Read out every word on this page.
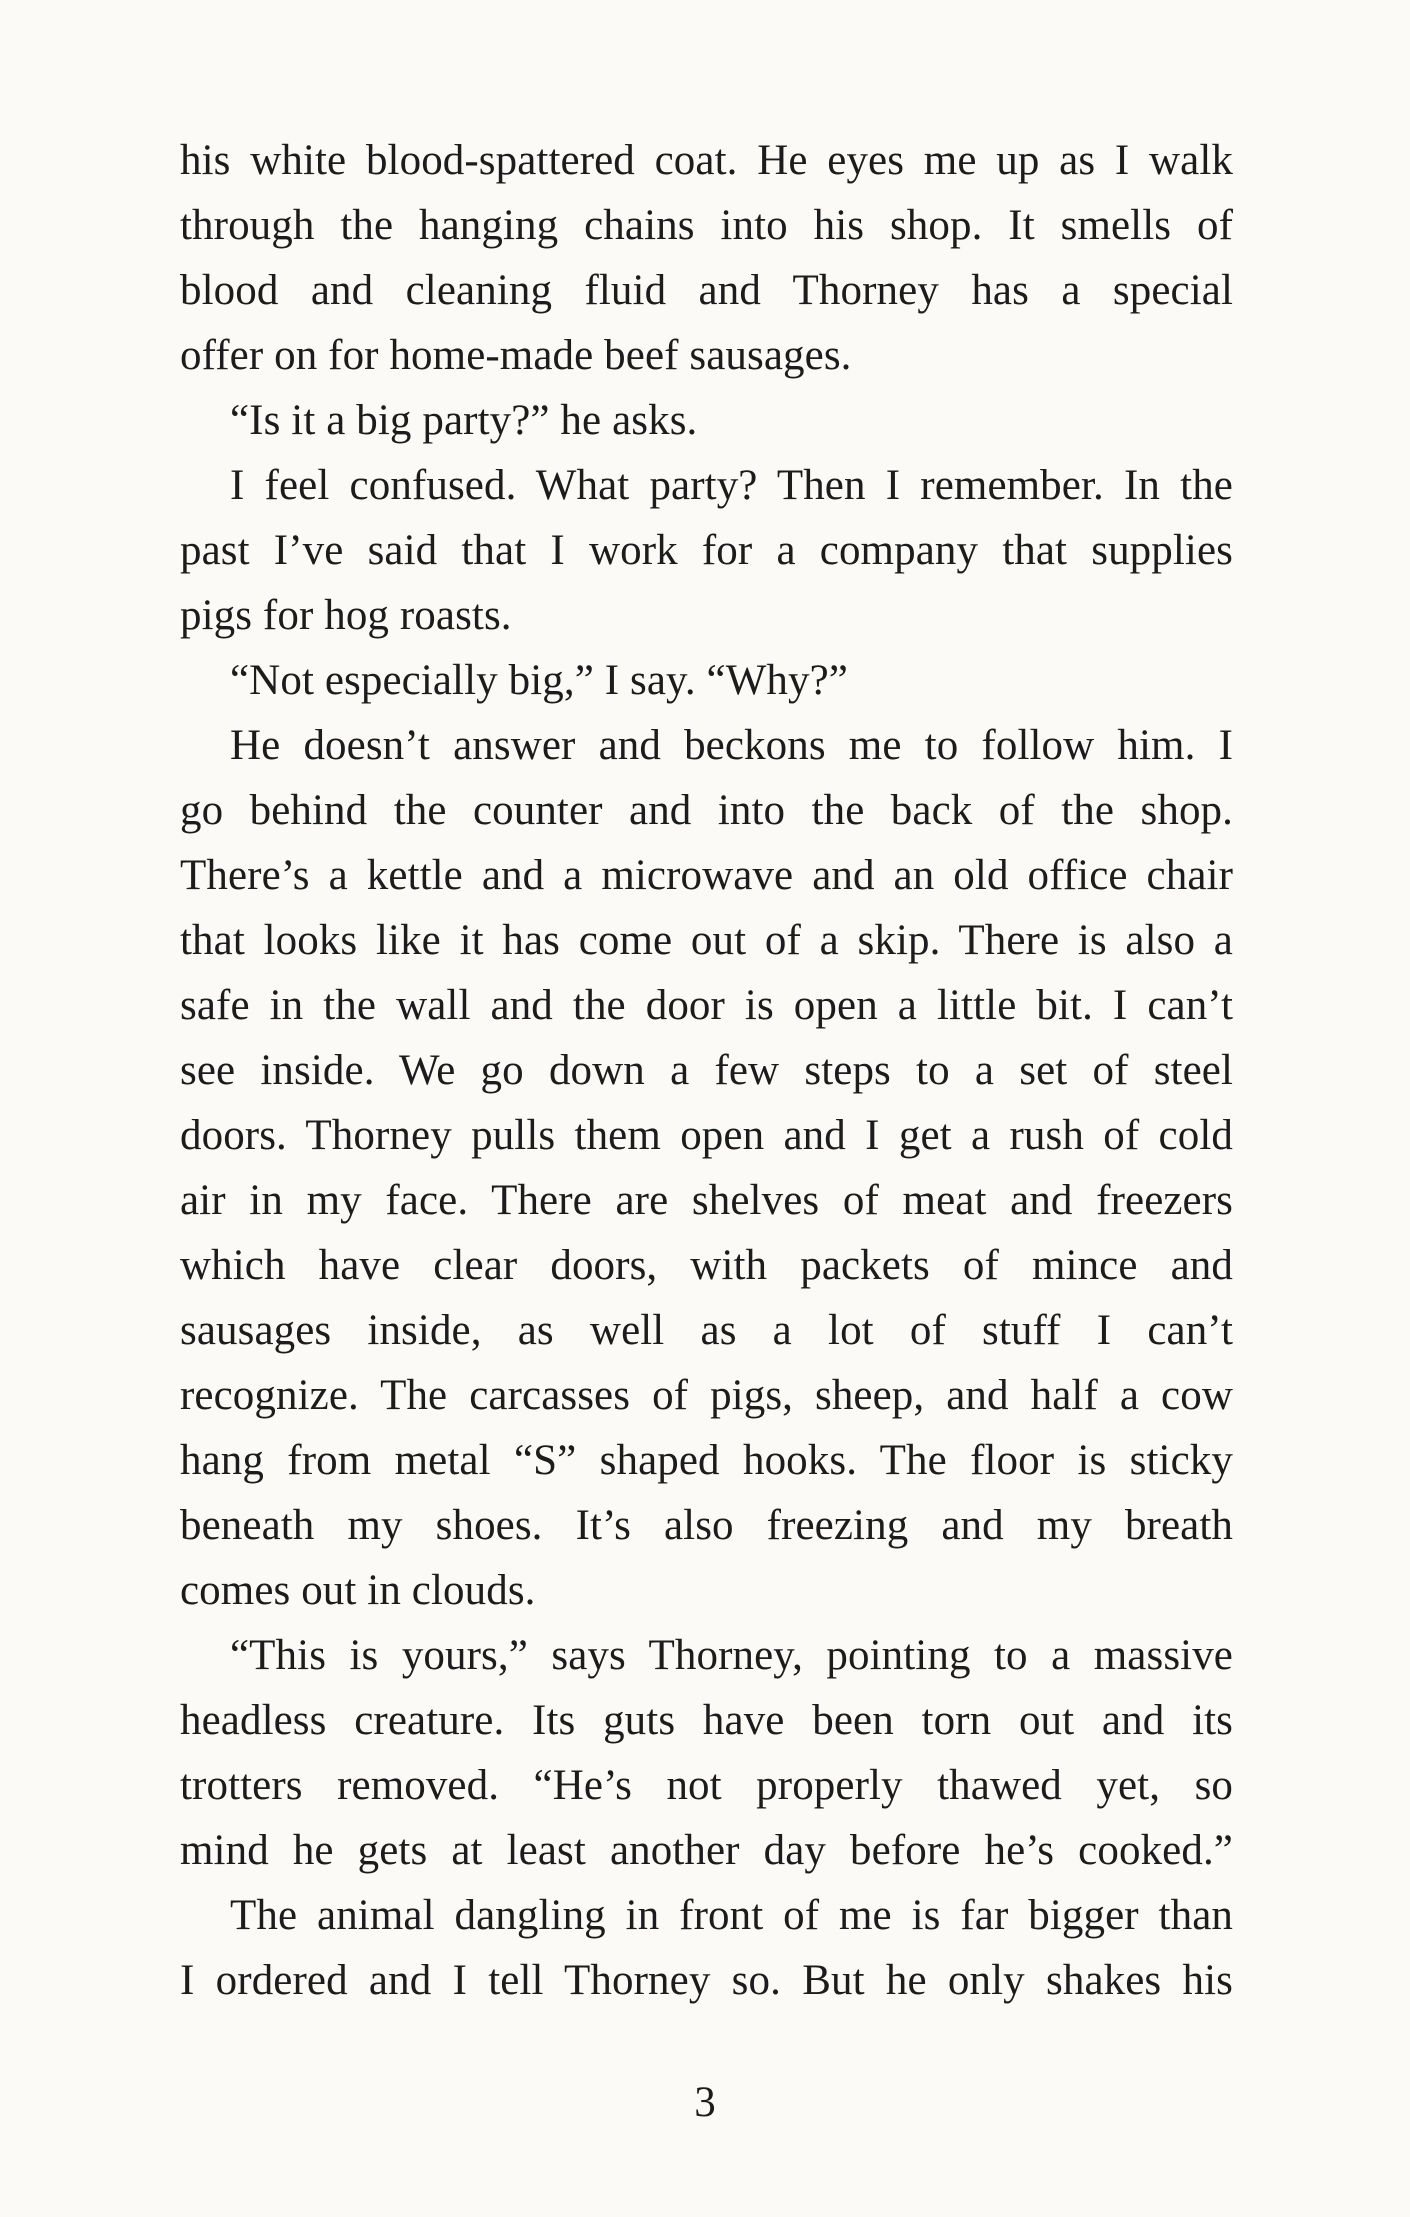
his white blood-spattered coat. He eyes me up as I walk
through the hanging chains into his shop. It smells of
blood and cleaning fluid and Thorney has a special
offer on for home-made beef sausages.
“Is it a big party?” he asks.
I feel confused. What party? Then I remember. In the
past I’ve said that I work for a company that supplies
pigs for hog roasts.
“Not especially big,” I say. “Why?”
He doesn’t answer and beckons me to follow him. I
go behind the counter and into the back of the shop.
There’s a kettle and a microwave and an old office chair
that looks like it has come out of a skip. There is also a
safe in the wall and the door is open a little bit. I can’t
see inside. We go down a few steps to a set of steel
doors. Thorney pulls them open and I get a rush of cold
air in my face. There are shelves of meat and freezers
which have clear doors, with packets of mince and
sausages inside, as well as a lot of stuff I can’t
recognize. The carcasses of pigs, sheep, and half a cow
hang from metal “S” shaped hooks. The floor is sticky
beneath my shoes. It’s also freezing and my breath
comes out in clouds.
“This is yours,” says Thorney, pointing to a massive
headless creature. Its guts have been torn out and its
trotters removed. “He’s not properly thawed yet, so
mind he gets at least another day before he’s cooked.”
The animal dangling in front of me is far bigger than
I ordered and I tell Thorney so. But he only shakes his
3
